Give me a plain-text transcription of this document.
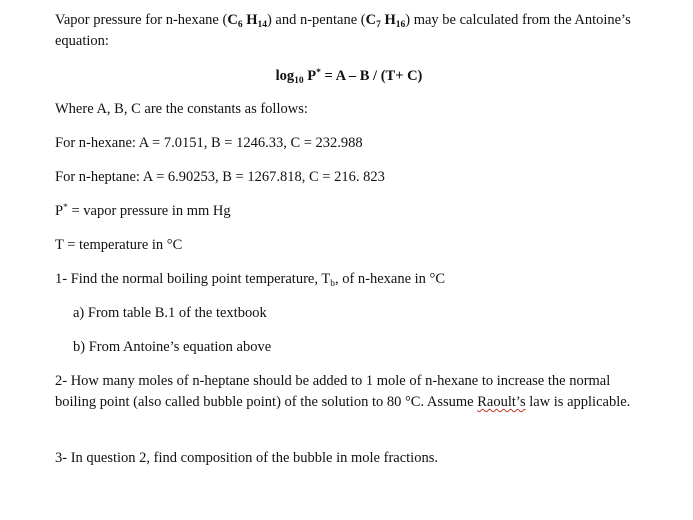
Vapor pressure for n-hexane ($C_6$ $H_{14}$) and n-pentane ($C_7$ $H_{16}$) may be calculated from the Antoine’s equation:

$\log_{10} P^* = A - B / (T+ C)$

Where A, B, C are the constants as follows:

For n-hexane: A = 7.0151, B = 1246.33, C = 232.988

For n-heptane: A = 6.90253, B = 1267.818, C = 216. 823

P* = vapor pressure in mm Hg

T = temperature in °C

1- Find the normal boiling point temperature, $T_b$, of n-hexane in °C

a) From table B.1 of the textbook

b) From Antoine’s equation above

2- How many moles of n-heptane should be added to 1 mole of n-hexane to increase the normal boiling point (also called bubble point) of the solution to 80 °C. Assume Raoult’s law is applicable.

3- In question 2, find composition of the bubble in mole fractions.
